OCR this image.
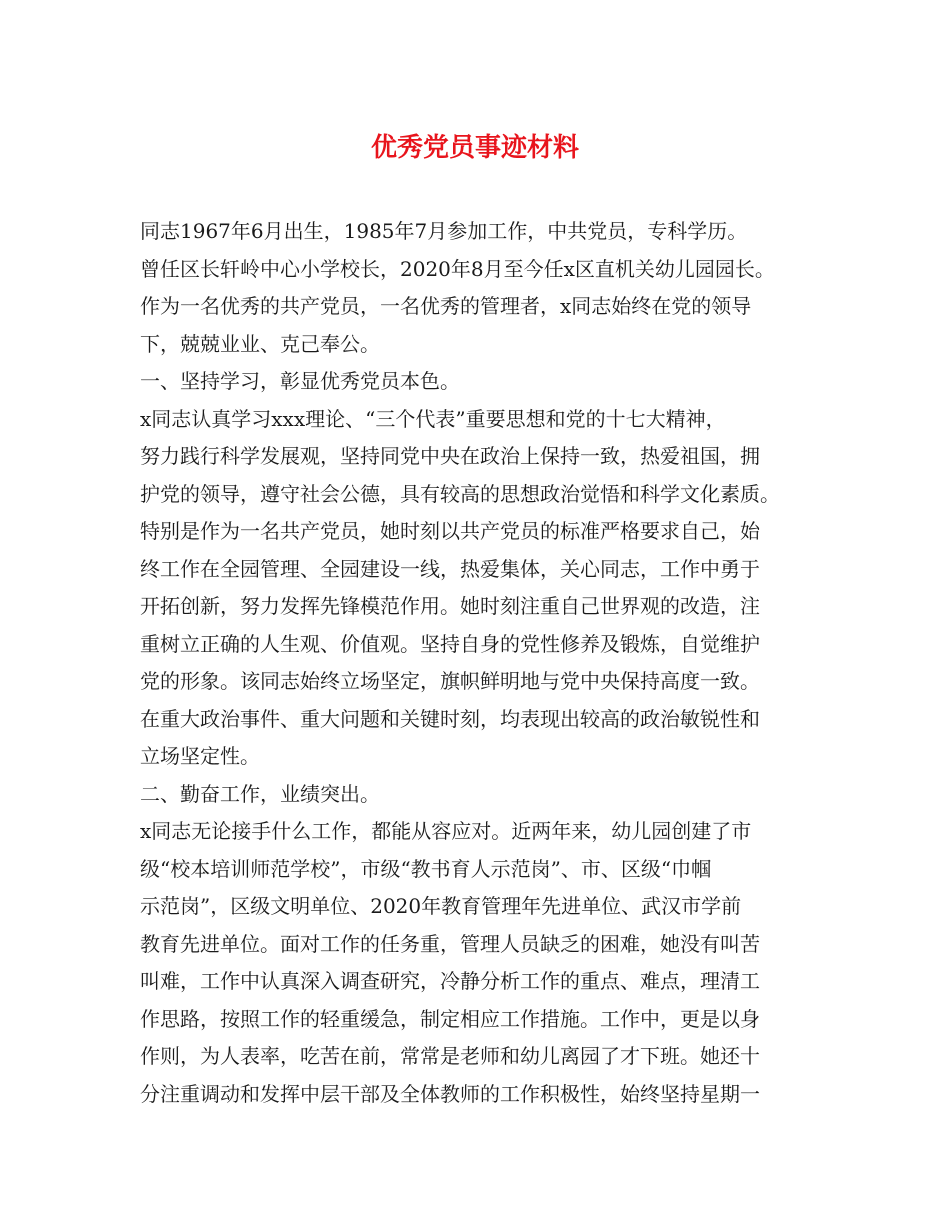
优秀党员事迹材料

同志1967年6月出生，1985年7月参加工作，中共党员，专科学历。

曾任区长轩岭中心小学校长，2020年8月至今任x区直机关幼儿园园长。

作为一名优秀的共产党员，一名优秀的管理者，x同志始终在党的领导

下，兢兢业业、克己奉公。

一、坚持学习，彰显优秀党员本色。

x同志认真学习xxx理论、“三个代表”重要思想和党的十七大精神，

努力践行科学发展观，坚持同党中央在政治上保持一致，热爱祖国，拥

护党的领导，遵守社会公德，具有较高的思想政治觉悟和科学文化素质。

特别是作为一名共产党员，她时刻以共产党员的标准严格要求自己，始

终工作在全园管理、全园建设一线，热爱集体，关心同志，工作中勇于

开拓创新，努力发挥先锋模范作用。她时刻注重自己世界观的改造，注

重树立正确的人生观、价值观。坚持自身的党性修养及锻炼，自觉维护

党的形象。该同志始终立场坚定，旗帜鲜明地与党中央保持高度一致。

在重大政治事件、重大问题和关键时刻，均表现出较高的政治敏锐性和

立场坚定性。

二、勤奋工作，业绩突出。

x同志无论接手什么工作，都能从容应对。近两年来，幼儿园创建了市

级“校本培训师范学校”，市级“教书育人示范岗”、市、区级“巾帼

示范岗”，区级文明单位、2020年教育管理年先进单位、武汉市学前

教育先进单位。面对工作的任务重，管理人员缺乏的困难，她没有叫苦

叫难，工作中认真深入调查研究，冷静分析工作的重点、难点，理清工

作思路，按照工作的轻重缓急，制定相应工作措施。工作中，更是以身

作则，为人表率，吃苦在前，常常是老师和幼儿离园了才下班。她还十

分注重调动和发挥中层干部及全体教师的工作积极性，始终坚持星期一
